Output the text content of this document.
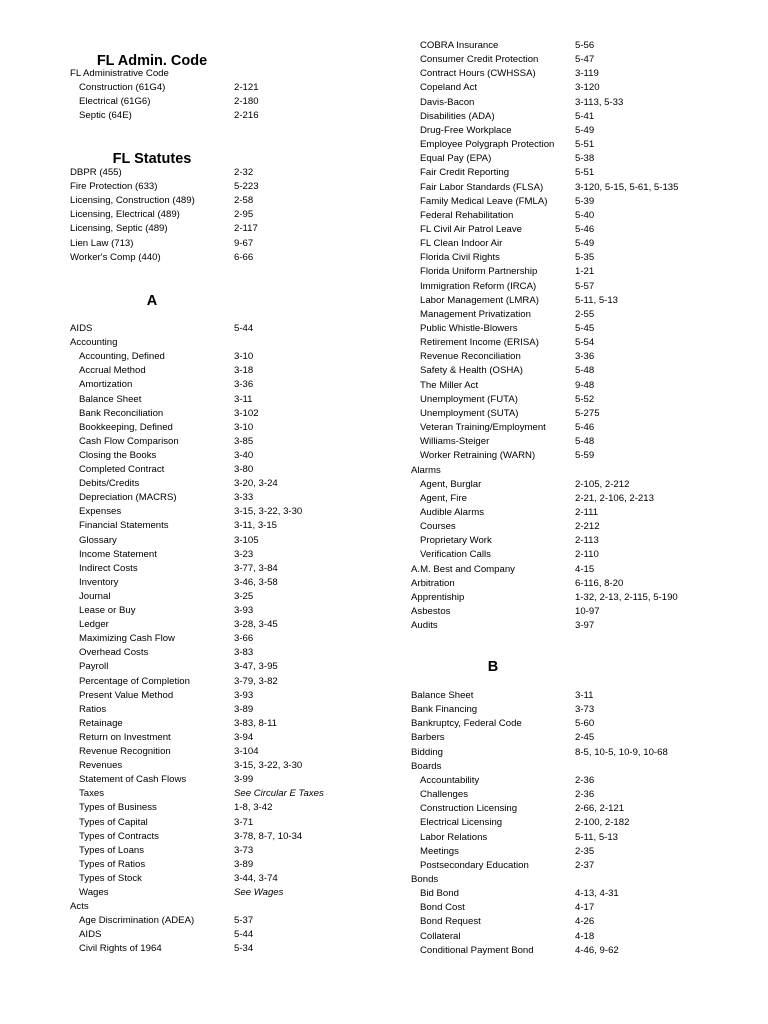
FL Admin. Code
FL Administrative Code
Construction (61G4)	2-121
Electrical (61G6)	2-180
Septic (64E)	2-216
FL Statutes
DBPR (455)	2-32
Fire Protection (633)	5-223
Licensing, Construction (489)	2-58
Licensing, Electrical (489)	2-95
Licensing, Septic (489)	2-117
Lien Law (713)	9-67
Worker's Comp (440)	6-66
A
AIDS	5-44
Accounting
Accounting, Defined	3-10
Accrual Method	3-18
Amortization	3-36
Balance Sheet	3-11
Bank Reconciliation	3-102
Bookkeeping, Defined	3-10
Cash Flow Comparison	3-85
Closing the Books	3-40
Completed Contract	3-80
Debits/Credits	3-20, 3-24
Depreciation (MACRS)	3-33
Expenses	3-15, 3-22, 3-30
Financial Statements	3-11, 3-15
Glossary	3-105
Income Statement	3-23
Indirect Costs	3-77, 3-84
Inventory	3-46, 3-58
Journal	3-25
Lease or Buy	3-93
Ledger	3-28, 3-45
Maximizing Cash Flow	3-66
Overhead Costs	3-83
Payroll	3-47, 3-95
Percentage of Completion	3-79, 3-82
Present Value Method	3-93
Ratios	3-89
Retainage	3-83, 8-11
Return on Investment	3-94
Revenue Recognition	3-104
Revenues	3-15, 3-22, 3-30
Statement of Cash Flows	3-99
Taxes	See Circular E Taxes
Types of Business	1-8, 3-42
Types of Capital	3-71
Types of Contracts	3-78, 8-7, 10-34
Types of Loans	3-73
Types of Ratios	3-89
Types of Stock	3-44, 3-74
Wages	See Wages
Acts
Age Discrimination (ADEA)	5-37
AIDS	5-44
Civil Rights of 1964	5-34
COBRA Insurance	5-56
Consumer Credit Protection	5-47
Contract Hours (CWHSSA)	3-119
Copeland Act	3-120
Davis-Bacon	3-113, 5-33
Disabilities (ADA)	5-41
Drug-Free Workplace	5-49
Employee Polygraph Protection 5-51
Equal Pay (EPA)	5-38
Fair Credit Reporting	5-51
Fair Labor Standards (FLSA)	3-120, 5-15, 5-61, 5-135
Family Medical Leave (FMLA)	5-39
Federal Rehabilitation	5-40
FL Civil Air Patrol Leave	5-46
FL Clean Indoor Air	5-49
Florida Civil Rights	5-35
Florida Uniform Partnership	1-21
Immigration Reform (IRCA)	5-57
Labor Management (LMRA)	5-11, 5-13
Management Privatization	2-55
Public Whistle-Blowers	5-45
Retirement Income (ERISA)	5-54
Revenue Reconciliation	3-36
Safety & Health (OSHA)	5-48
The Miller Act	9-48
Unemployment (FUTA)	5-52
Unemployment (SUTA)	5-275
Veteran Training/Employment	5-46
Williams-Steiger	5-48
Worker Retraining (WARN)	5-59
Alarms
Agent, Burglar	2-105, 2-212
Agent, Fire	2-21, 2-106, 2-213
Audible Alarms	2-111
Courses	2-212
Proprietary Work	2-113
Verification Calls	2-110
A.M. Best and Company	4-15
Arbitration	6-116, 8-20
Apprentiship	1-32, 2-13, 2-115, 5-190
Asbestos	10-97
Audits	3-97
B
Balance Sheet	3-11
Bank Financing	3-73
Bankruptcy, Federal Code	5-60
Barbers	2-45
Bidding	8-5, 10-5, 10-9, 10-68
Boards
Accountability	2-36
Challenges	2-36
Construction Licensing	2-66, 2-121
Electrical Licensing	2-100, 2-182
Labor Relations	5-11, 5-13
Meetings	2-35
Postsecondary Education	2-37
Bonds
Bid Bond	4-13, 4-31
Bond Cost	4-17
Bond Request	4-26
Collateral	4-18
Conditional Payment Bond	4-46, 9-62
